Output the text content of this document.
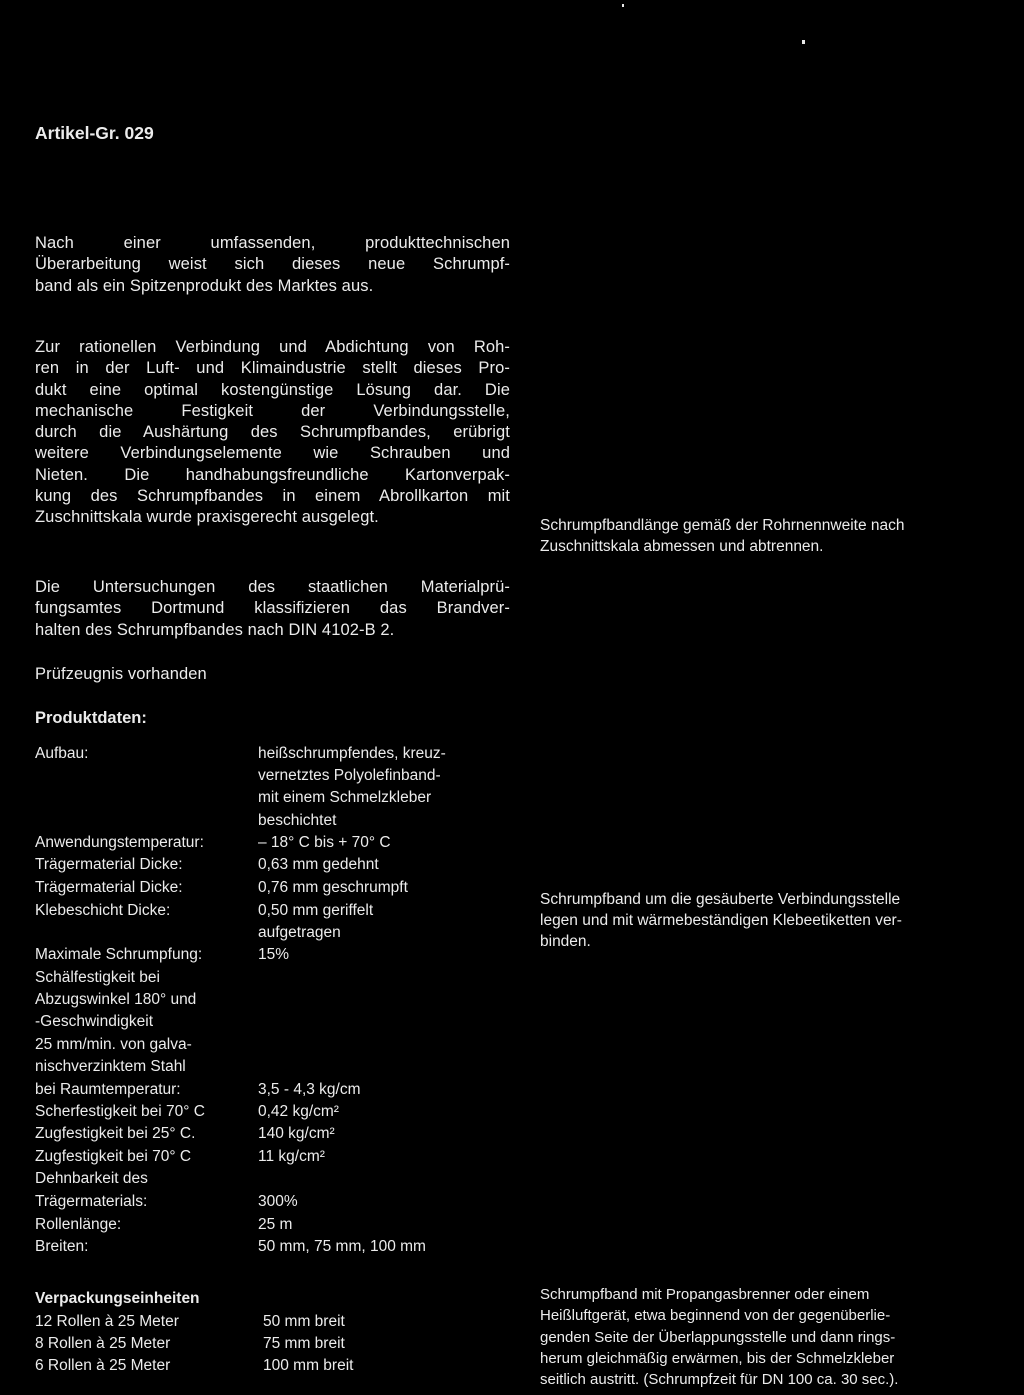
Artikel-Gr. 029
Nach einer umfassenden, produkttechnischen
Überarbeitung weist sich dieses neue Schrumpf-
band als ein Spitzenprodukt des Marktes aus.
Zur rationellen Verbindung und Abdichtung von Roh-
ren in der Luft- und Klimaindustrie stellt dieses Pro-
dukt eine optimal kostengünstige Lösung dar. Die
mechanische Festigkeit der Verbindungsstelle,
durch die Aushärtung des Schrumpfbandes, erübrigt
weitere Verbindungselemente wie Schrauben und
Nieten. Die handhabungsfreundliche Kartonverpak-
kung des Schrumpfbandes in einem Abrollkarton mit
Zuschnittskala wurde praxisgerecht ausgelegt.
Die Untersuchungen des staatlichen Materialprü-
fungsamtes Dortmund klassifizieren das Brandver-
halten des Schrumpfbandes nach DIN 4102-B 2.
Prüfzeugnis vorhanden
Produktdaten:
Aufbau:	heißschrumpfendes, kreuz-
vernetztes Polyolefinband-
mit einem Schmelzkleber
beschichtet
Anwendungstemperatur:	– 18° C bis + 70° C
Trägermaterial Dicke:	0,63 mm gedehnt
Trägermaterial Dicke:	0,76 mm geschrumpft
Klebeschicht Dicke:	0,50 mm geriffelt
aufgetragen
Maximale Schrumpfung:	15%
Schälfestigkeit bei
Abzugswinkel 180° und
-Geschwindigkeit
25 mm/min. von galva-
nischverzinktem Stahl
bei Raumtemperatur:	3,5 - 4,3 kg/cm
Scherfestigkeit bei 70° C	0,42 kg/cm²
Zugfestigkeit bei 25° C.	140 kg/cm²
Zugfestigkeit bei 70° C	11 kg/cm²
Dehnbarkeit des
Trägermaterials:	300%
Rollenlänge:	25 m
Breiten:	50 mm, 75 mm, 100 mm
Verpackungseinheiten
12 Rollen à 25 Meter	50 mm breit
8 Rollen à 25 Meter	75 mm breit
6 Rollen à 25 Meter	100 mm breit
Schrumpfbandlänge gemäß der Rohrnennweite nach
Zuschnittskala abmessen und abtrennen.
Schrumpfband um die gesäuberte Verbindungsstelle
legen und mit wärmebeständigen Klebeetiketten ver-
binden.
Schrumpfband mit Propangasbrenner oder einem
Heißluftgerät, etwa beginnend von der gegenüberlie-
genden Seite der Überlappungsstelle und dann rings-
herum gleichmäßig erwärmen, bis der Schmelzkleber
seitlich austritt. (Schrumpfzeit für DN 100 ca. 30 sec.).
